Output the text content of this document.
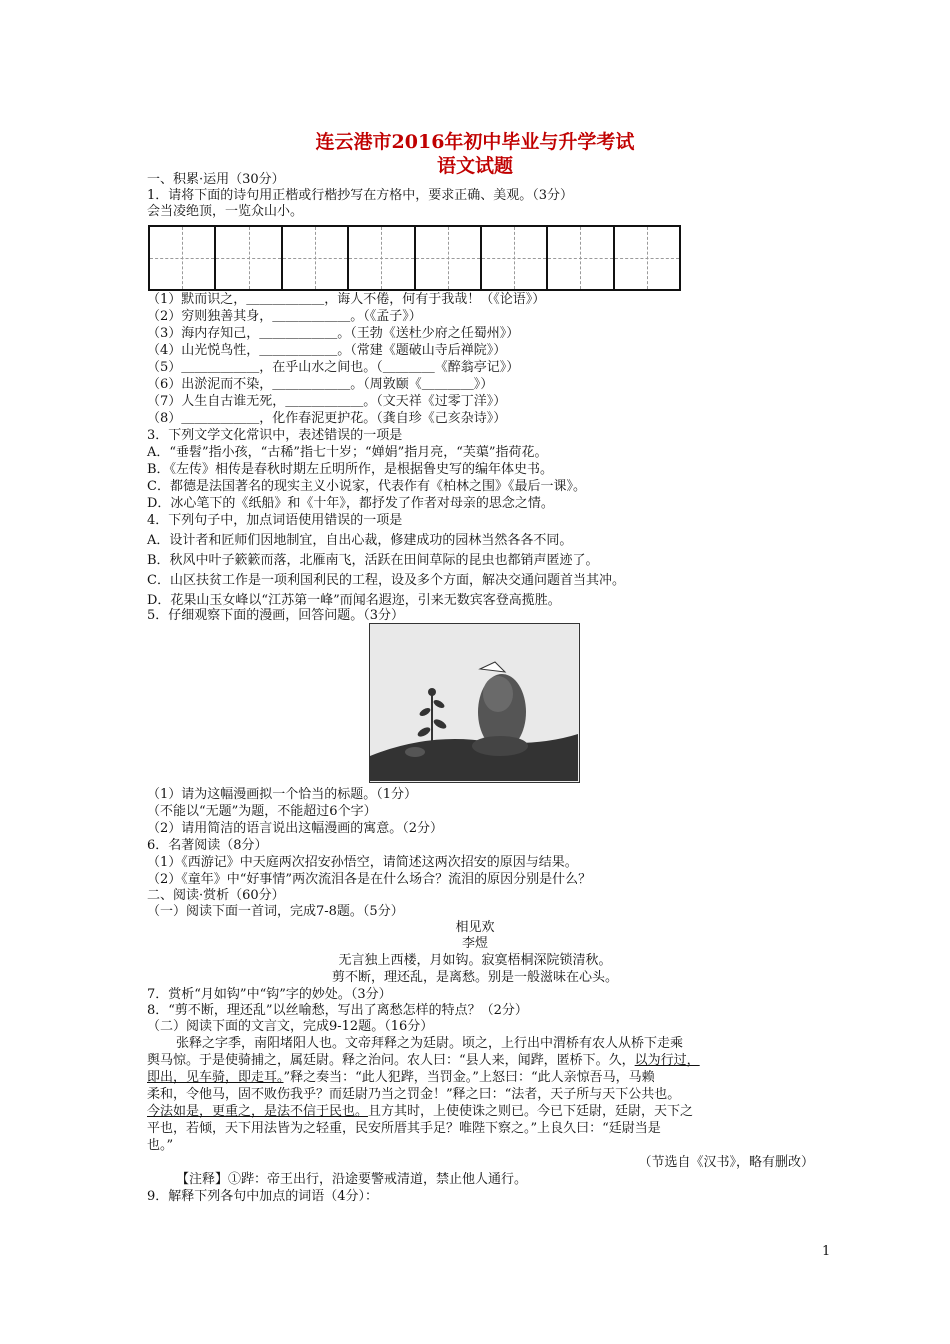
连云港市2016年初中毕业与升学考试
语文试题
一、积累·运用（30分）
1．请将下面的诗句用正楷或行楷抄写在方格中，要求正确、美观。（3分）
会当凌绝顶，一览众山小。
（1）默而识之，＿＿＿＿＿＿，诲人不倦，何有于我哉！（《论语》）
（2）穷则独善其身，＿＿＿＿＿＿。（《孟子》）
（3）海内存知己，＿＿＿＿＿＿。（王勃《送杜少府之任蜀州》）
（4）山光悦鸟性，＿＿＿＿＿＿。（常建《题破山寺后禅院》）
（5）＿＿＿＿＿＿，在乎山水之间也。（＿＿＿＿《醉翁亭记》）
（6）出淤泥而不染，＿＿＿＿＿＿。（周敦颐《＿＿＿＿》）
（7）人生自古谁无死，＿＿＿＿＿＿。（文天祥《过零丁洋》）
（8）＿＿＿＿＿＿，化作春泥更护花。（龚自珍《己亥杂诗》）
3．下列文学文化常识中，表述错误的一项是
A．“垂髫”指小孩，“古稀”指七十岁；“婵娟”指月亮，“芙蕖”指荷花。
B．《左传》相传是春秋时期左丘明所作，是根据鲁史写的编年体史书。
C．都德是法国著名的现实主义小说家，代表作有《柏林之围》《最后一课》。
D．冰心笔下的《纸船》和《十年》，都抒发了作者对母亲的思念之情。
4．下列句子中，加点词语使用错误的一项是
A．设计者和匠师们因地制宜，自出心裁，修建成功的园林当然各各不同。
B．秋风中叶子簌簌而落，北雁南飞，活跃在田间草际的昆虫也都销声匿迹了。
C．山区扶贫工作是一项利国利民的工程，设及多个方面，解决交通问题首当其冲。
D．花果山玉女峰以“江苏第一峰”而闻名遐迩，引来无数宾客登高揽胜。
5．仔细观察下面的漫画，回答问题。（3分）
（1）请为这幅漫画拟一个恰当的标题。（1分）
（不能以“无题”为题，不能超过6个字）
（2）请用简洁的语言说出这幅漫画的寓意。（2分）
6．名著阅读（8分）
（1）《西游记》中天庭两次招安孙悟空，请简述这两次招安的原因与结果。
（2）《童年》中“好事情”两次流泪各是在什么场合？流泪的原因分别是什么？
二、阅读·赏析（60分）
（一）阅读下面一首词，完成7-8题。（5分）
相见欢
李煜
无言独上西楼，月如钩。寂寞梧桐深院锁清秋。
剪不断，理还乱，是离愁。别是一般滋味在心头。
7．赏析“月如钩”中“钩”字的妙处。（3分）
8．“剪不断，理还乱”以丝喻愁，写出了离愁怎样的特点？（2分）
（二）阅读下面的文言文，完成9-12题。（16分）
张释之字季，南阳堵阳人也。文帝拜释之为廷尉。顷之，上行出中渭桥有农人从桥下走乘
舆马惊。于是使骑捕之，属廷尉。释之治问。农人曰：“县人来，闻跸，匿桥下。久，以为行过，
即出，见车骑，即走耳。”释之奏当：“此人犯跸，当罚金。”上怒曰：“此人亲惊吾马，马赖
柔和，令他马，固不败伤我乎？而廷尉乃当之罚金！”释之曰：“法者，天子所与天下公共也。
今法如是，更重之，是法不信于民也。且方其时，上使使诛之则已。今已下廷尉，廷尉，天下之
平也，若倾，天下用法皆为之轻重，民安所厝其手足？唯陛下察之。”上良久曰：“廷尉当是
也。”
（节选自《汉书》，略有删改）
【注释】①跸：帝王出行，沿途要警戒清道，禁止他人通行。
9．解释下列各句中加点的词语（4分）：
1
